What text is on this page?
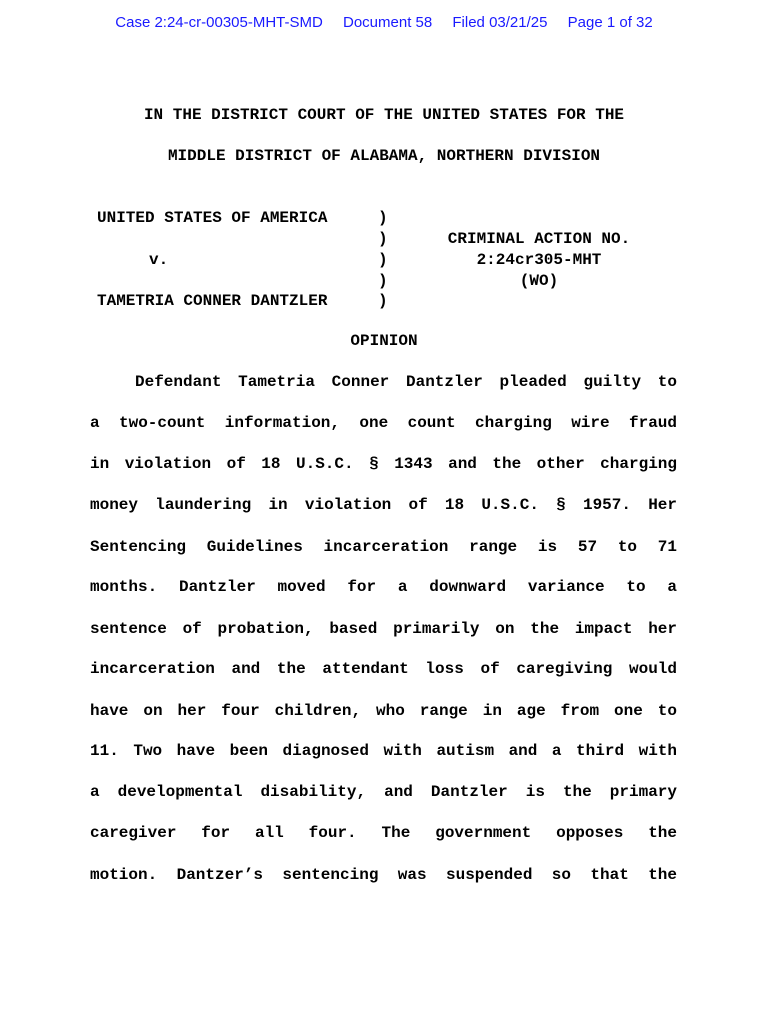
Case 2:24-cr-00305-MHT-SMD Document 58 Filed 03/21/25 Page 1 of 32
IN THE DISTRICT COURT OF THE UNITED STATES FOR THE
MIDDLE DISTRICT OF ALABAMA, NORTHERN DIVISION
UNITED STATES OF AMERICA
v.
TAMETRIA CONNER DANTZLER
)
)
)
)
)
CRIMINAL ACTION NO.
2:24cr305-MHT
(WO)
OPINION
Defendant Tametria Conner Dantzler pleaded guilty to
a two-count information, one count charging wire fraud
in violation of 18 U.S.C. § 1343 and the other charging
money laundering in violation of 18 U.S.C. § 1957. Her
Sentencing Guidelines incarceration range is 57 to 71
months. Dantzler moved for a downward variance to a
sentence of probation, based primarily on the impact her
incarceration and the attendant loss of caregiving would
have on her four children, who range in age from one to
11. Two have been diagnosed with autism and a third with
a developmental disability, and Dantzler is the primary
caregiver for all four. The government opposes the
motion. Dantzer’s sentencing was suspended so that the
